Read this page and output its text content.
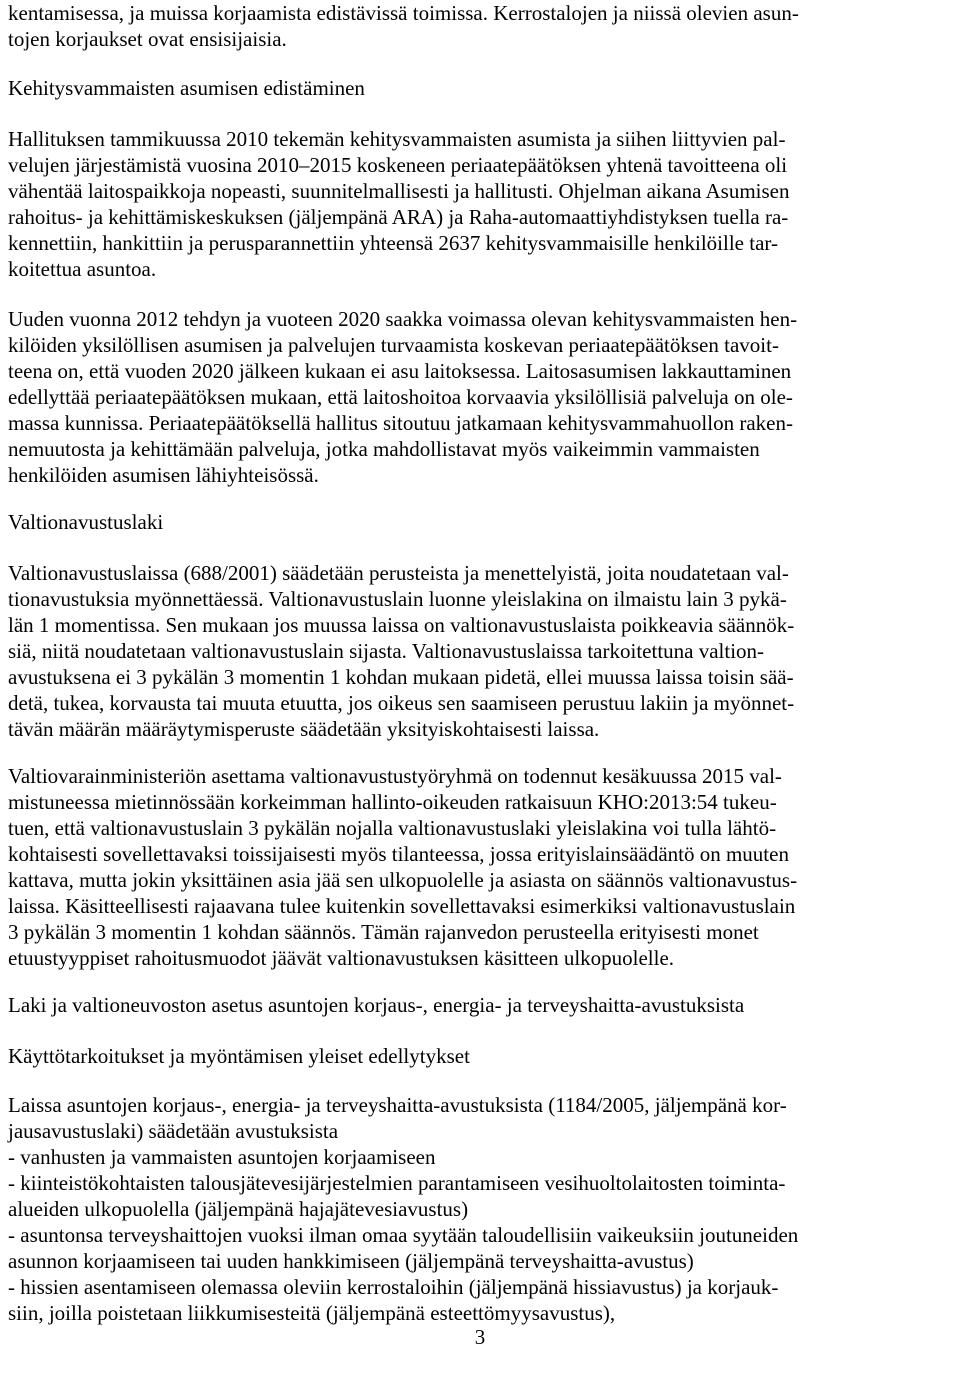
kentamisessa, ja muissa korjaamista edistävissä toimissa. Kerrostalojen ja niissä olevien asun-
tojen korjaukset ovat ensisijaisia.
Kehitysvammaisten asumisen edistäminen
Hallituksen tammikuussa 2010 tekemän kehitysvammaisten asumista ja siihen liittyvien pal-
velujen järjestämistä vuosina 2010–2015 koskeneen periaatepäätöksen yhtenä tavoitteena oli
vähentää laitospaikkoja nopeasti, suunnitelmallisesti ja hallitusti. Ohjelman aikana Asumisen
rahoitus- ja kehittämiskeskuksen (jäljempänä ARA) ja Raha-automaattiyhdistyksen tuella ra-
kennettiin, hankittiin ja perusparannettiin yhteensä 2637 kehitysvammaisille henkilöille tar-
koitettua asuntoa.
Uuden vuonna 2012 tehdyn ja vuoteen 2020 saakka voimassa olevan kehitysvammaisten hen-
kilöiden yksilöllisen asumisen ja palvelujen turvaamista koskevan periaatepäätöksen tavoit-
teena on, että vuoden 2020 jälkeen kukaan ei asu laitoksessa. Laitosasumisen lakkauttaminen
edellyttää periaatepäätöksen mukaan, että laitoshoitoa korvaavia yksilöllisiä palveluja on ole-
massa kunnissa. Periaatepäätöksellä hallitus sitoutuu jatkamaan kehitysvammahuollon raken-
nemuutosta ja kehittämään palveluja, jotka mahdollistavat myös vaikeimmin vammaisten
henkilöiden asumisen lähiyhteisössä.
Valtionavustuslaki
Valtionavustuslaissa (688/2001) säädetään perusteista ja menettelyistä, joita noudatetaan val-
tionavustuksia myönnettäessä. Valtionavustuslain luonne yleislakina on ilmaistu lain 3 pykä-
län 1 momentissa. Sen mukaan jos muussa laissa on valtionavustuslaista poikkeavia säännök-
siä, niitä noudatetaan valtionavustuslain sijasta. Valtionavustuslaissa tarkoitettuna valtion-
avustuksena ei 3 pykälän 3 momentin 1 kohdan mukaan pidetä, ellei muussa laissa toisin sää-
detä, tukea, korvausta tai muuta etuutta, jos oikeus sen saamiseen perustuu lakiin ja myönnet-
tävän määrän määräytymisperuste säädetään yksityiskohtaisesti laissa.
Valtiovarainministeriön asettama valtionavustustyöryhmä on todennut kesäkuussa 2015 val-
mistuneessa mietinnössään korkeimman hallinto-oikeuden ratkaisuun KHO:2013:54 tukeu-
tuen, että valtionavustuslain 3 pykälän nojalla valtionavustuslaki yleislakina voi tulla lähtö-
kohtaisesti sovellettavaksi toissijaisesti myös tilanteessa, jossa erityislainsäädäntö on muuten
kattava, mutta jokin yksittäinen asia jää sen ulkopuolelle ja asiasta on säännös valtionavustus-
laissa. Käsitteellisesti rajaavana tulee kuitenkin sovellettavaksi esimerkiksi valtionavustuslain
3 pykälän 3 momentin 1 kohdan säännös. Tämän rajanvedon perusteella erityisesti monet
etuustyyppiset rahoitusmuodot jäävät valtionavustuksen käsitteen ulkopuolelle.
Laki ja valtioneuvoston asetus asuntojen korjaus-, energia- ja terveyshaitta-avustuksista
Käyttötarkoitukset ja myöntämisen yleiset edellytykset
Laissa asuntojen korjaus-, energia- ja terveyshaitta-avustuksista (1184/2005, jäljempänä kor-
jausavustuslaki) säädetään avustuksista
- vanhusten ja vammaisten asuntojen korjaamiseen
- kiinteistökohtaisten talousjätevesijärjestelmien parantamiseen vesihuoltolaitosten toiminta-
alueiden ulkopuolella (jäljempänä hajajätevesiavustus)
- asuntonsa terveyshaittojen vuoksi ilman omaa syytään taloudellisiin vaikeuksiin joutuneiden
asunnon korjaamiseen tai uuden hankkimiseen (jäljempänä terveyshaitta-avustus)
- hissien asentamiseen olemassa oleviin kerrostaloihin (jäljempänä hissiavustus) ja korjauk-
siin, joilla poistetaan liikkumisesteitä (jäljempänä esteettömyysavustus),
3
